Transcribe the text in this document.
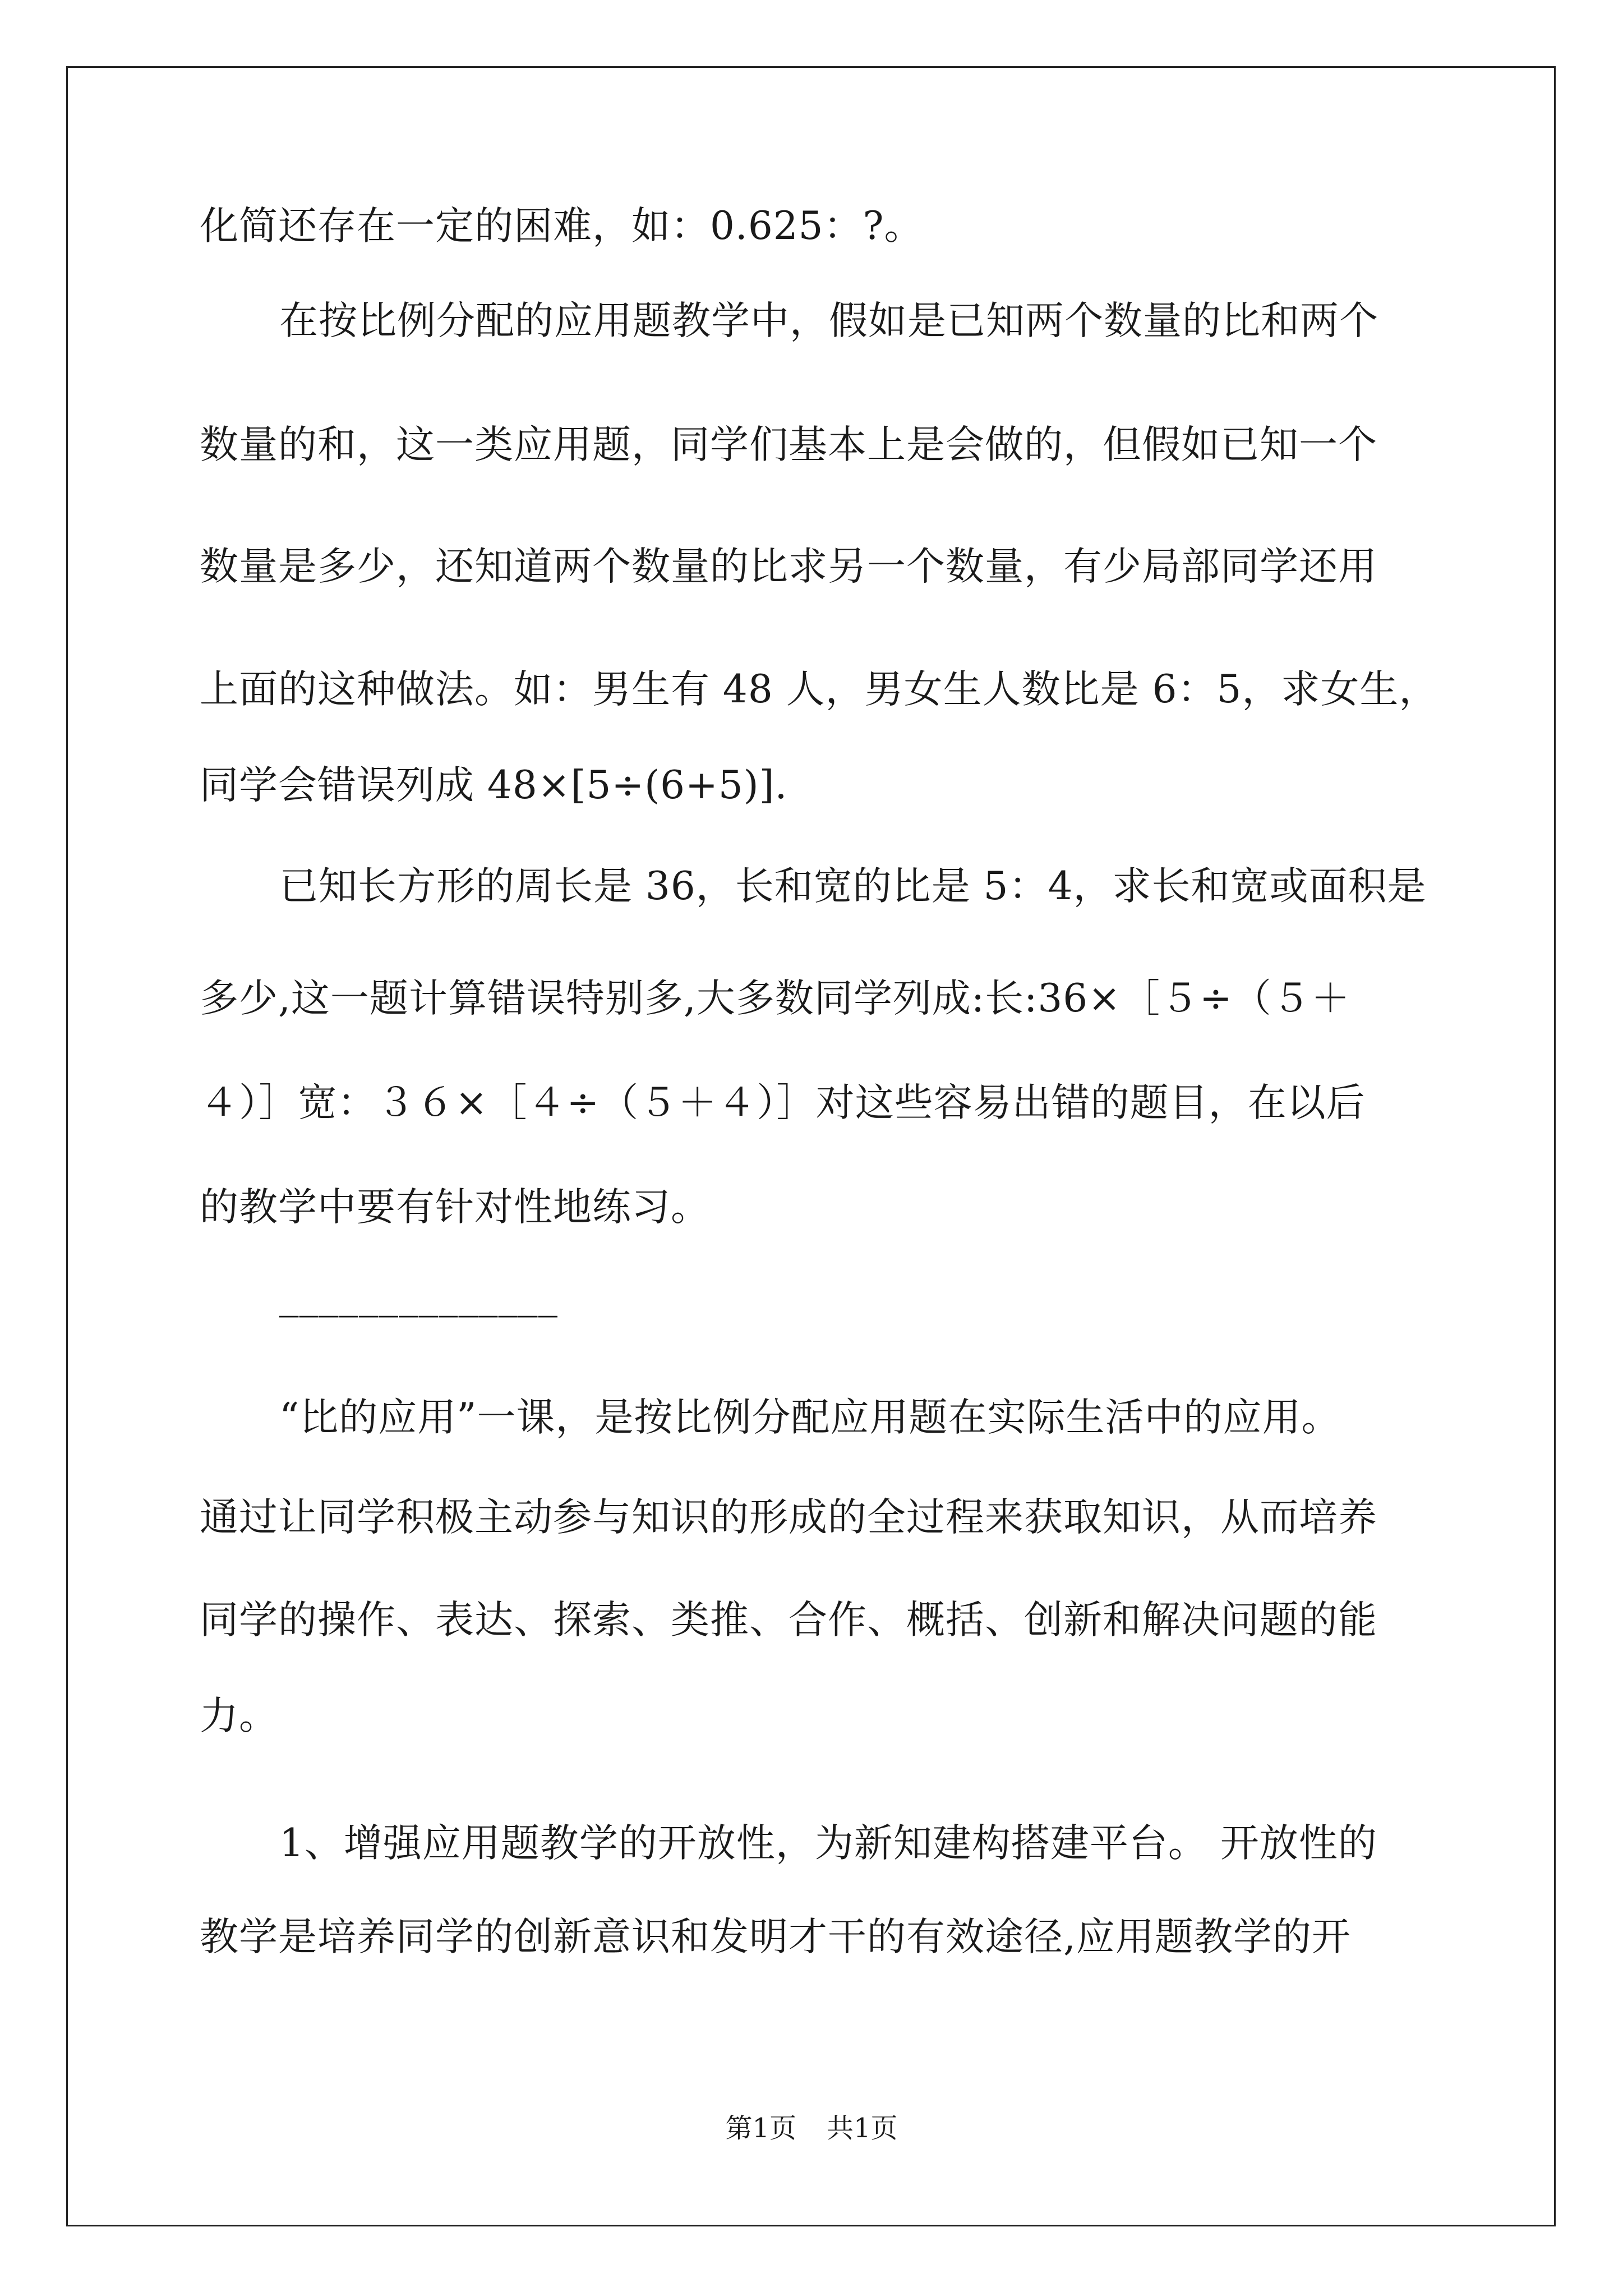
化简还存在一定的困难，如：0.625：?。
在按比例分配的应用题教学中，假如是已知两个数量的比和两个
数量的和，这一类应用题，同学们基本上是会做的，但假如已知一个
数量是多少，还知道两个数量的比求另一个数量，有少局部同学还用
上面的这种做法。如：男生有 48 人，男女生人数比是 6：5，求女生，
同学会错误列成 48×[5÷(6+5)].
已知长方形的周长是 36，长和宽的比是 5：4，求长和宽或面积是
多少,这一题计算错误特别多,大多数同学列成:长:36×［５÷（５＋
４）］宽：３６×［４÷（５＋４）］对这些容易出错的题目，在以后
的教学中要有针对性地练习。
______________
“比的应用”一课，是按比例分配应用题在实际生活中的应用。
通过让同学积极主动参与知识的形成的全过程来获取知识，从而培养
同学的操作、表达、探索、类推、合作、概括、创新和解决问题的能
力。
1、增强应用题教学的开放性，为新知建构搭建平台。 开放性的
教学是培养同学的创新意识和发明才干的有效途径,应用题教学的开
第1页 共1页
